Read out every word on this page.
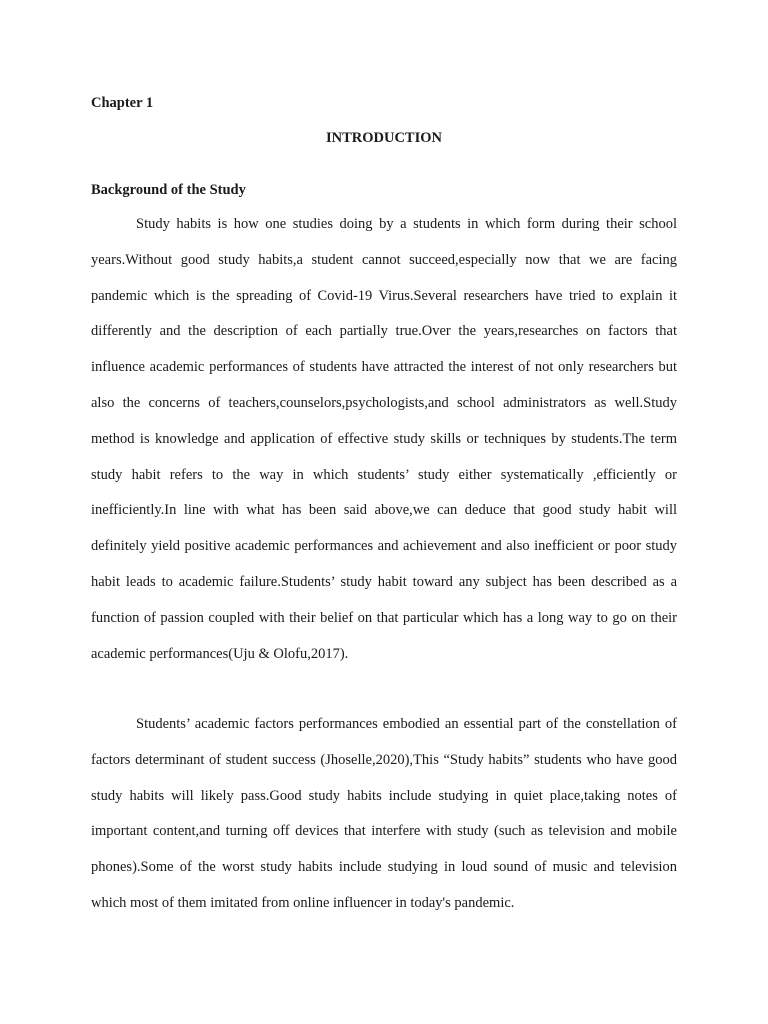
Chapter 1

INTRODUCTION

Background of the Study

Study habits is how one studies doing by a students in which form during their school years.Without good study habits,a student cannot succeed,especially now that we are facing pandemic which is the spreading of Covid-19 Virus.Several researchers have tried to explain it differently and the description of each partially true.Over the years,researches on factors that influence academic performances of students have attracted the interest of not only researchers but also the concerns of teachers,counselors,psychologists,and school administrators as well.Study method is knowledge and application of effective study skills or techniques by students.The term study habit refers to the way in which students’ study either systematically ,efficiently or inefficiently.In line with what has been said above,we can deduce that good study habit will definitely yield positive academic performances and achievement and also inefficient or poor study habit leads to academic failure.Students’ study habit toward any subject has been described as a function of passion coupled with their belief on that particular which has a long way to go on their academic performances(Uju & Olofu,2017).

Students’ academic factors performances embodied an essential part of the constellation of factors determinant of student success (Jhoselle,2020),This “Study habits” students who have good study habits will likely pass.Good study habits include studying in quiet place,taking notes of important content,and turning off devices that interfere with study (such as television and mobile phones).Some of the worst study habits include studying in loud sound of music and television which most of them imitated from online influencer in today's pandemic.
